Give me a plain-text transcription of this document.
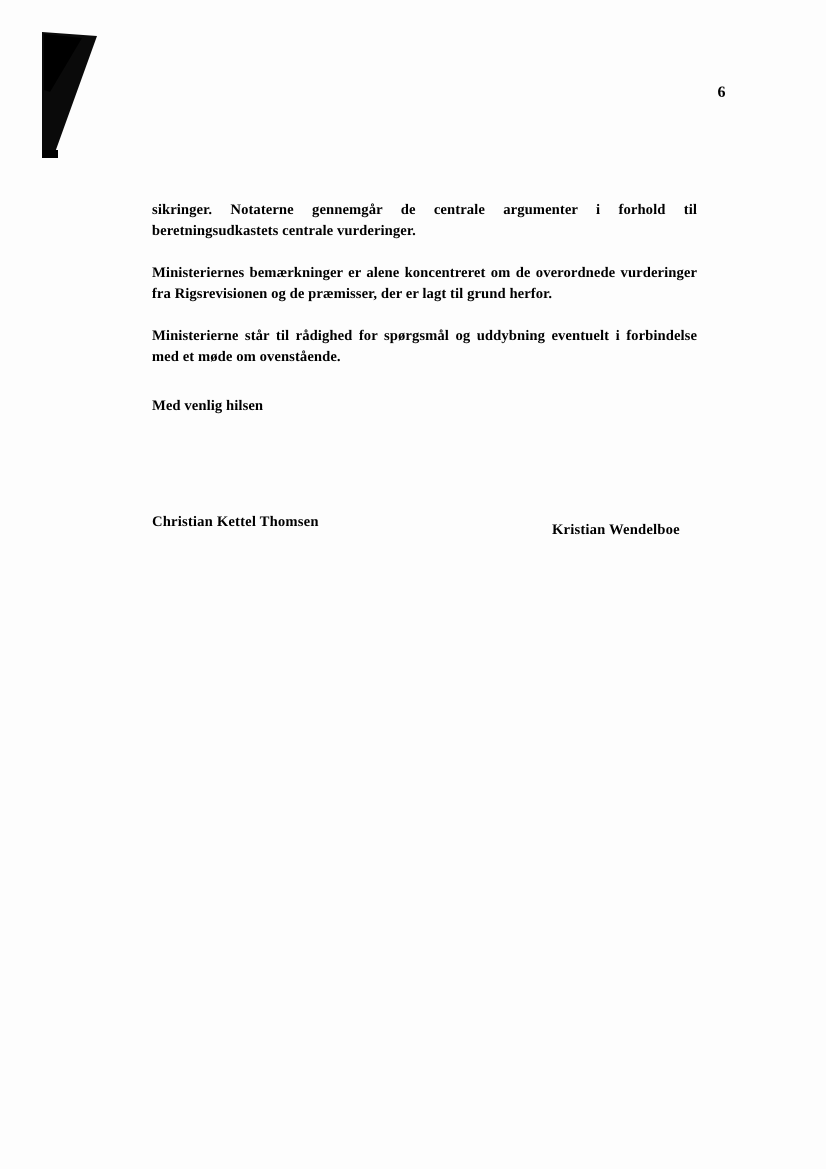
6

sikringer. Notaterne gennemgår de centrale argumenter i forhold til beretningsudkastets centrale vurderinger.

Ministeriernes bemærkninger er alene koncentreret om de overordnede vurderinger fra Rigsrevisionen og de præmisser, der er lagt til grund herfor.

Ministerierne står til rådighed for spørgsmål og uddybning eventuelt i forbindelse med et møde om ovenstående.

Med venlig hilsen

Christian Kettel Thomsen	Kristian Wendelboe
